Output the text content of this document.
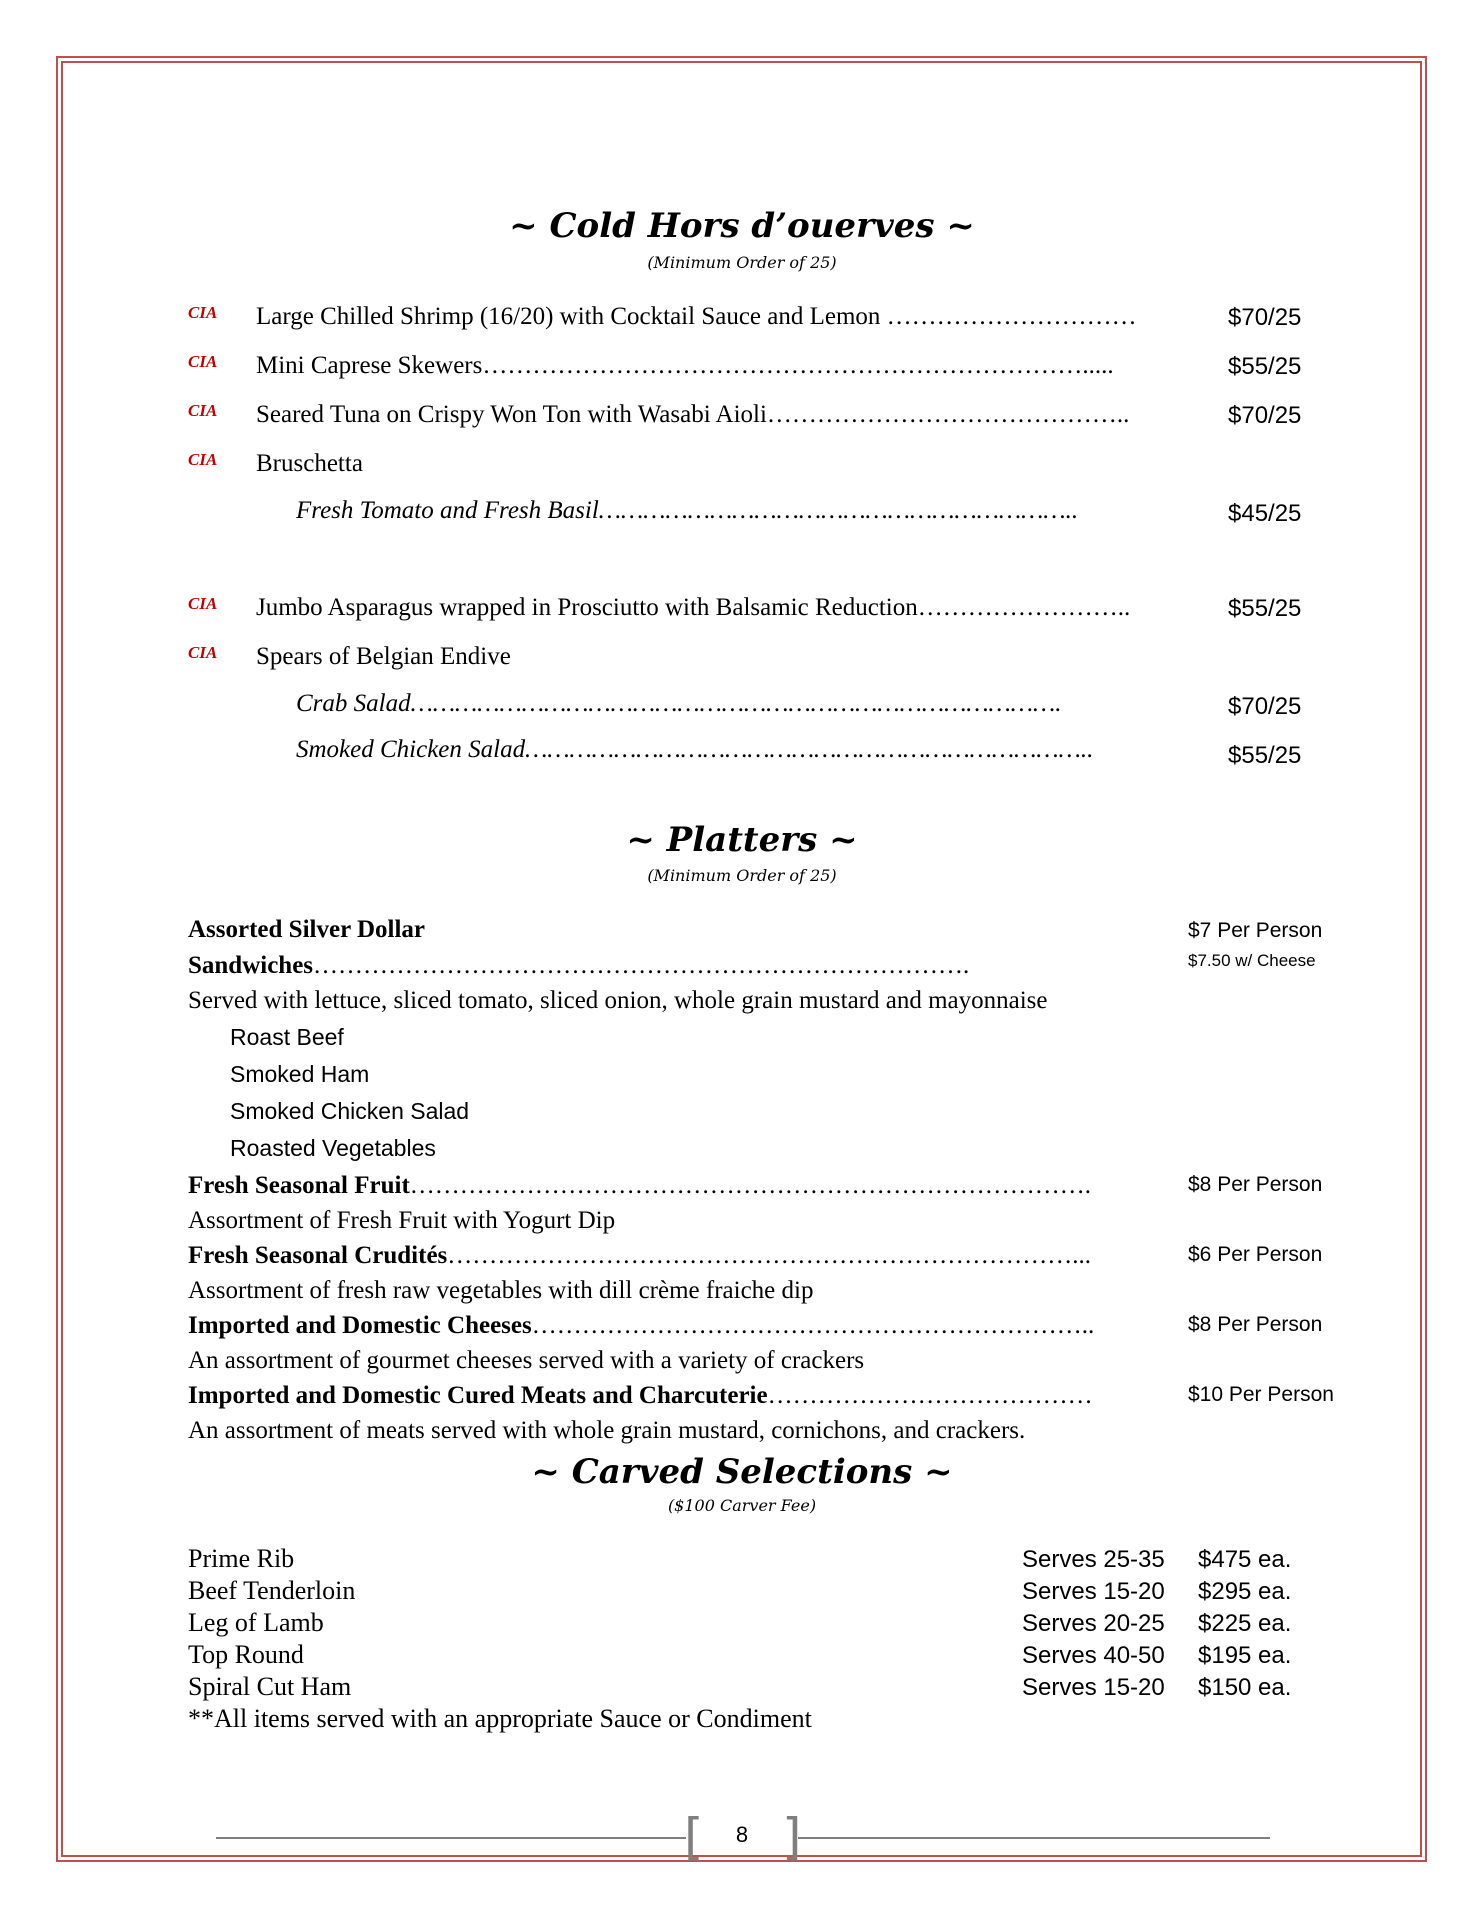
~ Cold Hors d’ouerves ~
(Minimum Order of 25)
CIA Large Chilled Shrimp (16/20) with Cocktail Sauce and Lemon …………………………	$70/25
CIA Mini Caprese Skewers……………………………………………………………….....	$55/25
CIA Seared Tuna on Crispy Won Ton with Wasabi Aioli……………………………………..	$70/25
CIA Bruschetta
Fresh Tomato and Fresh Basil………………………………………………………..	$45/25
CIA Jumbo Asparagus wrapped in Prosciutto with Balsamic Reduction……………………..	$55/25
CIA Spears of Belgian Endive
Crab Salad…………………………………………………………………………….	$70/25
Smoked Chicken Salad…………………………………………………………………..	$55/25
~ Platters ~
(Minimum Order of 25)
Assorted Silver Dollar	$7 Per Person
Sandwiches…………………………………………………………………….	$7.50 w/ Cheese
Served with lettuce, sliced tomato, sliced onion, whole grain mustard and mayonnaise
Roast Beef
Smoked Ham
Smoked Chicken Salad
Roasted Vegetables
Fresh Seasonal Fruit……………………………………………………………………….	$8 Per Person
Assortment of Fresh Fruit with Yogurt Dip
Fresh Seasonal Crudités…………………………………………………………………...	$6 Per Person
Assortment of fresh raw vegetables with dill crème fraiche dip
Imported and Domestic Cheeses…………………………………………………………..	$8 Per Person
An assortment of gourmet cheeses served with a variety of crackers
Imported and Domestic Cured Meats and Charcuterie…………………………………	$10 Per Person
An assortment of meats served with whole grain mustard, cornichons, and crackers.
~ Carved Selections ~
($100 Carver Fee)
Prime Rib	Serves 25-35 $475 ea.
Beef Tenderloin	Serves 15-20 $295 ea.
Leg of Lamb	Serves 20-25 $225 ea.
Top Round	Serves 40-50 $195 ea.
Spiral Cut Ham	Serves 15-20 $150 ea.
**All items served with an appropriate Sauce or Condiment
[ ]
8
